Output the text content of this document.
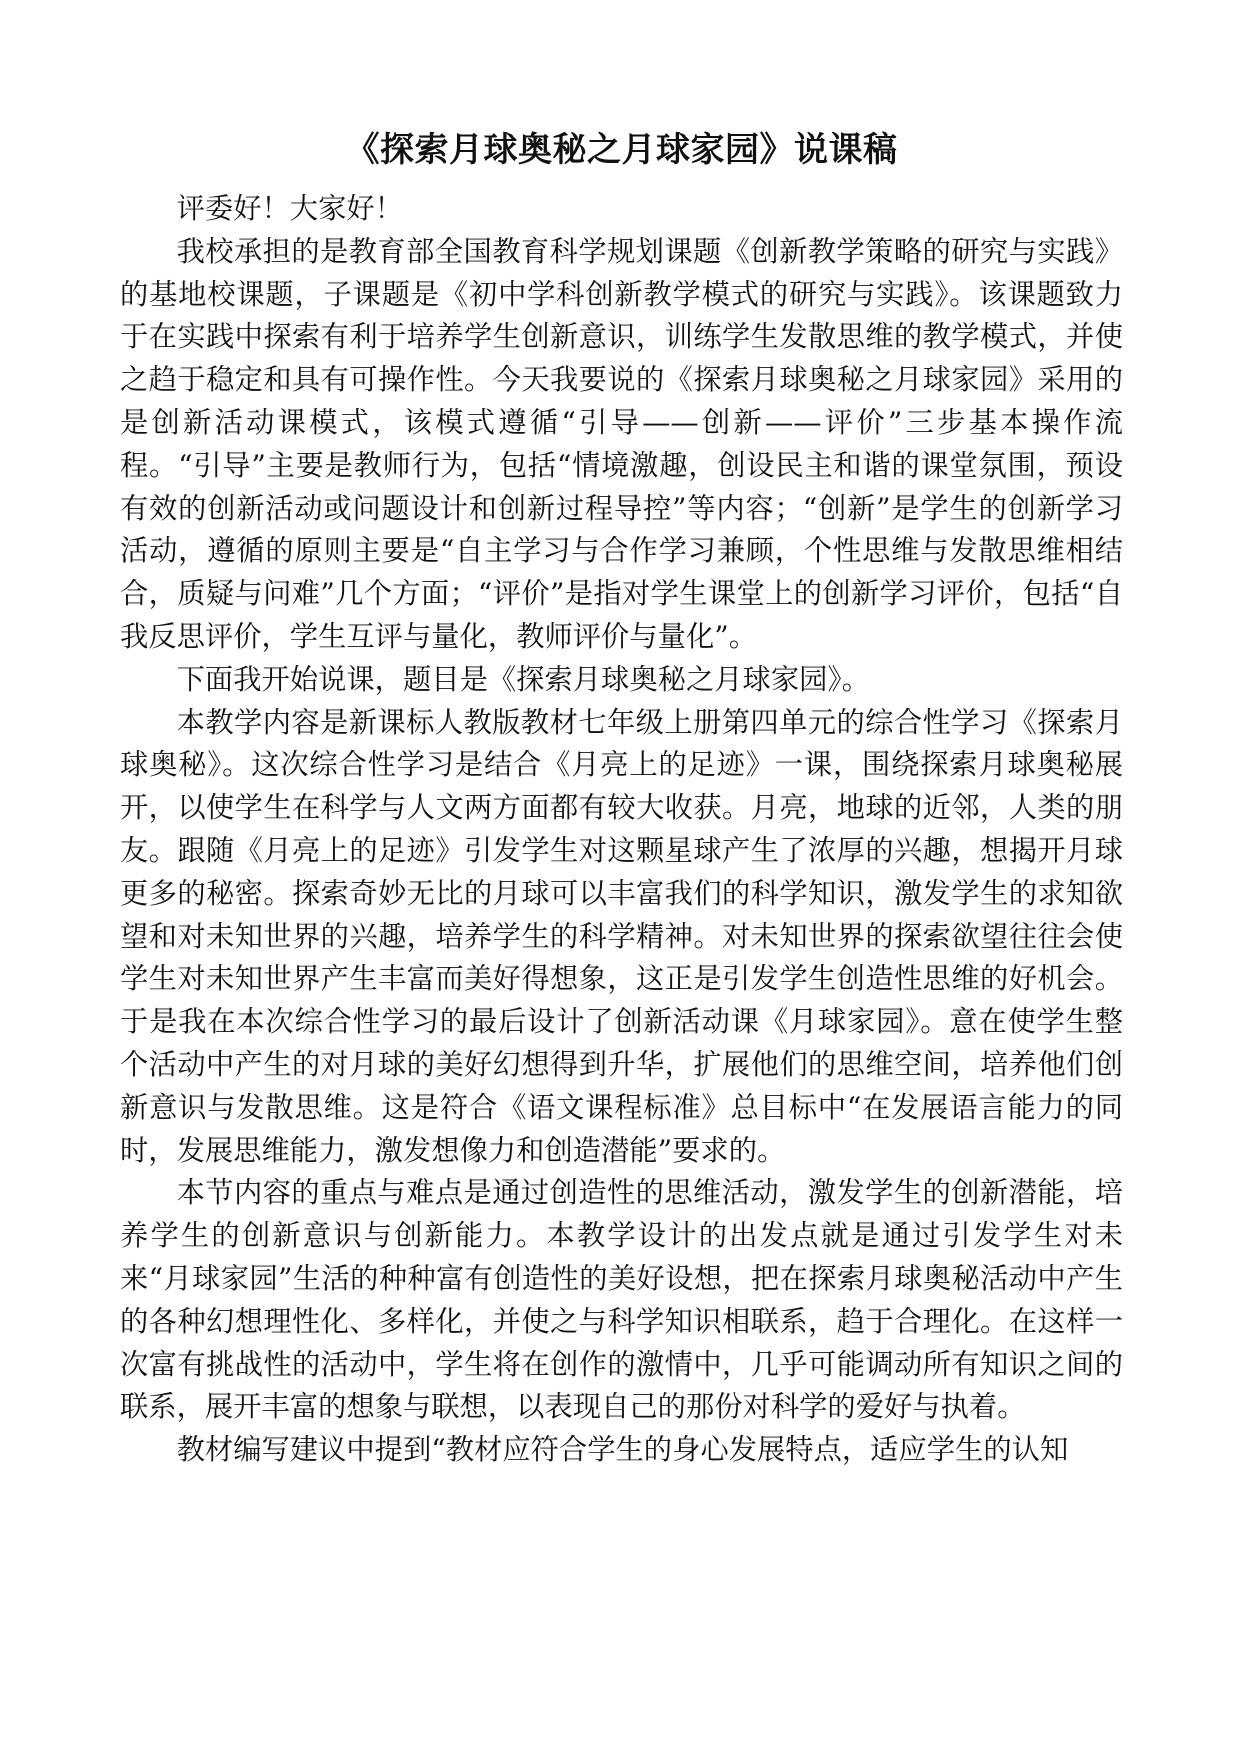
《探索月球奥秘之月球家园》说课稿

评委好！大家好！

我校承担的是教育部全国教育科学规划课题《创新教学策略的研究与实践》的基地校课题，子课题是《初中学科创新教学模式的研究与实践》。该课题致力于在实践中探索有利于培养学生创新意识，训练学生发散思维的教学模式，并使之趋于稳定和具有可操作性。今天我要说的《探索月球奥秘之月球家园》采用的是创新活动课模式，该模式遵循“引导——创新——评价”三步基本操作流程。“引导”主要是教师行为，包括“情境激趣，创设民主和谐的课堂氛围，预设有效的创新活动或问题设计和创新过程导控”等内容；“创新”是学生的创新学习活动，遵循的原则主要是“自主学习与合作学习兼顾，个性思维与发散思维相结合，质疑与问难”几个方面；“评价”是指对学生课堂上的创新学习评价，包括“自我反思评价，学生互评与量化，教师评价与量化”。

下面我开始说课，题目是《探索月球奥秘之月球家园》。

本教学内容是新课标人教版教材七年级上册第四单元的综合性学习《探索月球奥秘》。这次综合性学习是结合《月亮上的足迹》一课，围绕探索月球奥秘展开，以使学生在科学与人文两方面都有较大收获。月亮，地球的近邻，人类的朋友。跟随《月亮上的足迹》引发学生对这颗星球产生了浓厚的兴趣，想揭开月球更多的秘密。探索奇妙无比的月球可以丰富我们的科学知识，激发学生的求知欲望和对未知世界的兴趣，培养学生的科学精神。对未知世界的探索欲望往往会使学生对未知世界产生丰富而美好得想象，这正是引发学生创造性思维的好机会。于是我在本次综合性学习的最后设计了创新活动课《月球家园》。意在使学生整个活动中产生的对月球的美好幻想得到升华，扩展他们的思维空间，培养他们创新意识与发散思维。这是符合《语文课程标准》总目标中“在发展语言能力的同时，发展思维能力，激发想像力和创造潜能”要求的。

本节内容的重点与难点是通过创造性的思维活动，激发学生的创新潜能，培养学生的创新意识与创新能力。本教学设计的出发点就是通过引发学生对未来“月球家园”生活的种种富有创造性的美好设想，把在探索月球奥秘活动中产生的各种幻想理性化、多样化，并使之与科学知识相联系，趋于合理化。在这样一次富有挑战性的活动中，学生将在创作的激情中，几乎可能调动所有知识之间的联系，展开丰富的想象与联想，以表现自己的那份对科学的爱好与执着。

教材编写建议中提到“教材应符合学生的身心发展特点，适应学生的认知
